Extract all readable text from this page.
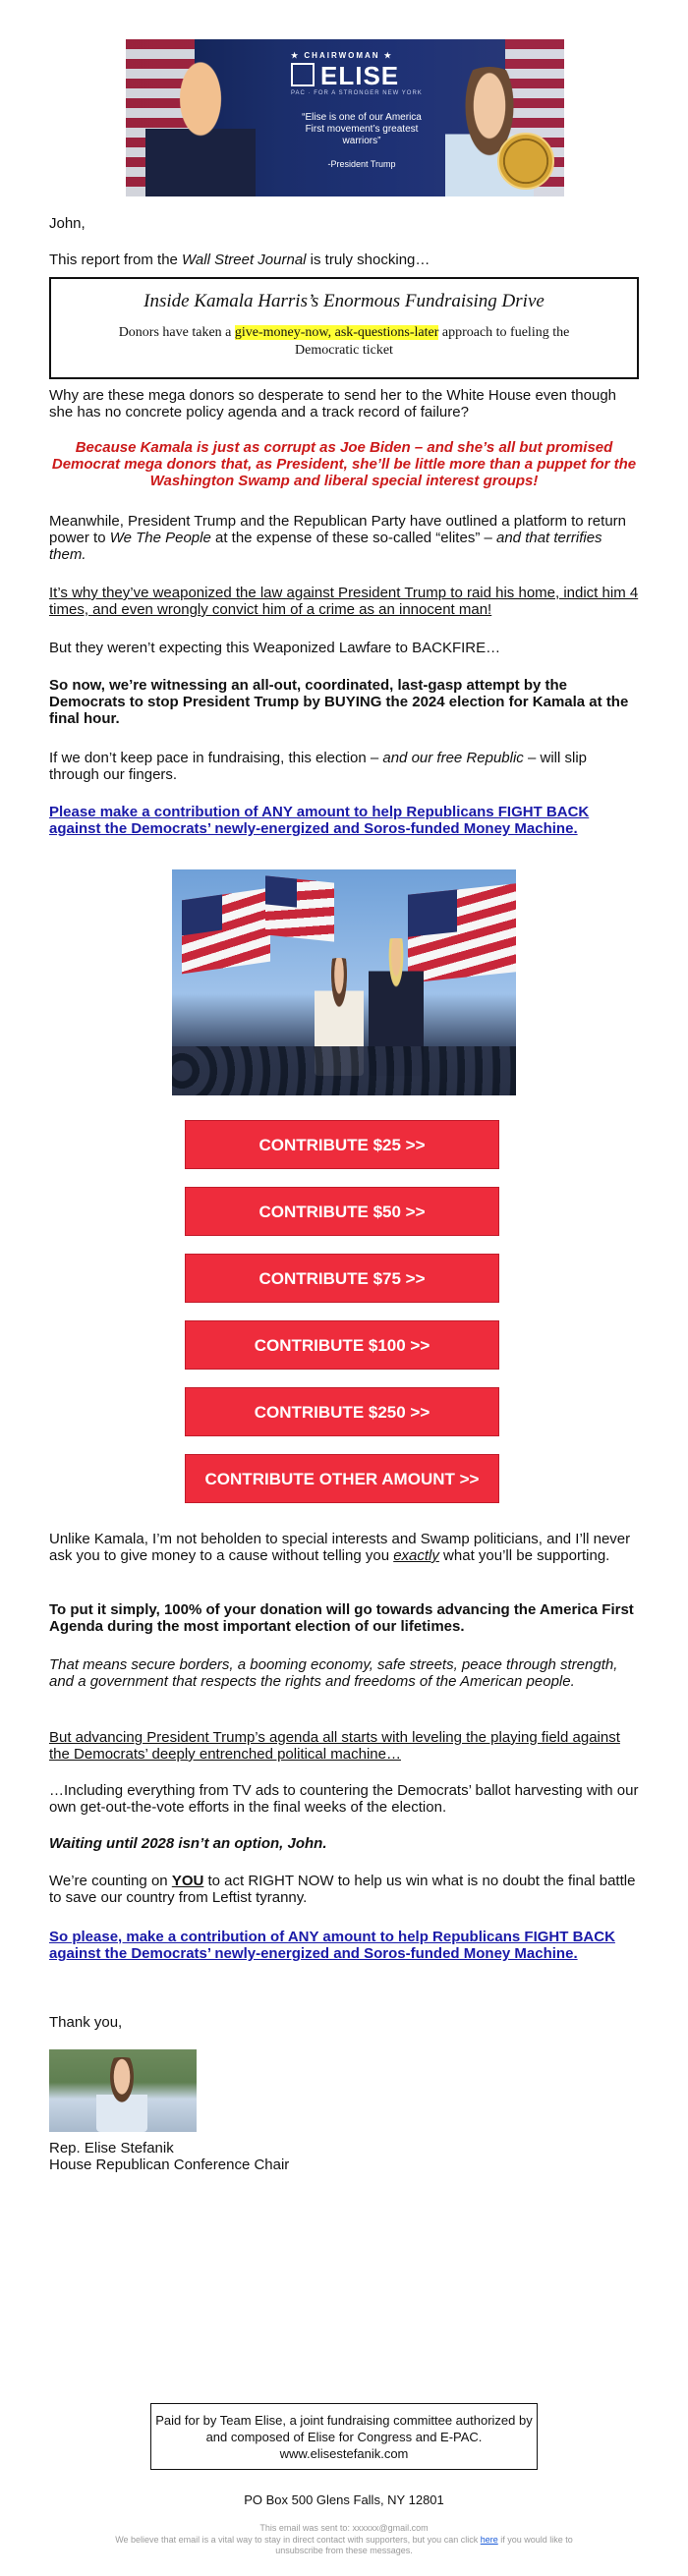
★ CHAIRWOMAN ★
ELISE
PAC · FOR A STRONGER NEW YORK
“Elise is one of our America First movement’s greatest warriors”
-President Trump

John,

This report from the Wall Street Journal is truly shocking…

Inside Kamala Harris’s Enormous Fundraising Drive
Donors have taken a give-money-now, ask-questions-later approach to fueling the Democratic ticket

Why are these mega donors so desperate to send her to the White House even though she has no concrete policy agenda and a track record of failure?

Because Kamala is just as corrupt as Joe Biden – and she’s all but promised Democrat mega donors that, as President, she’ll be little more than a puppet for the Washington Swamp and liberal special interest groups!

Meanwhile, President Trump and the Republican Party have outlined a platform to return power to We The People at the expense of these so-called “elites” – and that terrifies them.

It’s why they’ve weaponized the law against President Trump to raid his home, indict him 4 times, and even wrongly convict him of a crime as an innocent man!

But they weren’t expecting this Weaponized Lawfare to BACKFIRE…

So now, we’re witnessing an all-out, coordinated, last-gasp attempt by the Democrats to stop President Trump by BUYING the 2024 election for Kamala at the final hour.

If we don’t keep pace in fundraising, this election – and our free Republic – will slip through our fingers.

Please make a contribution of ANY amount to help Republicans FIGHT BACK against the Democrats’ newly-energized and Soros-funded Money Machine.

CONTRIBUTE $25 >>
CONTRIBUTE $50 >>
CONTRIBUTE $75 >>
CONTRIBUTE $100 >>
CONTRIBUTE $250 >>
CONTRIBUTE OTHER AMOUNT >>

Unlike Kamala, I’m not beholden to special interests and Swamp politicians, and I’ll never ask you to give money to a cause without telling you exactly what you’ll be supporting.

To put it simply, 100% of your donation will go towards advancing the America First Agenda during the most important election of our lifetimes.

That means secure borders, a booming economy, safe streets, peace through strength, and a government that respects the rights and freedoms of the American people.

But advancing President Trump’s agenda all starts with leveling the playing field against the Democrats’ deeply entrenched political machine…

…Including everything from TV ads to countering the Democrats’ ballot harvesting with our own get-out-the-vote efforts in the final weeks of the election.

Waiting until 2028 isn’t an option, John.

We’re counting on YOU to act RIGHT NOW to help us win what is no doubt the final battle to save our country from Leftist tyranny.

So please, make a contribution of ANY amount to help Republicans FIGHT BACK against the Democrats’ newly-energized and Soros-funded Money Machine.

Thank you,

Rep. Elise Stefanik

House Republican Conference Chair

Paid for by Team Elise, a joint fundraising committee authorized by and composed of Elise for Congress and E-PAC. www.elisestefanik.com
PO Box 500 Glens Falls, NY 12801
This email was sent to: xxxxxx@gmail.com
We believe that email is a vital way to stay in direct contact with supporters, but you can click here if you would like to unsubscribe from these messages.
